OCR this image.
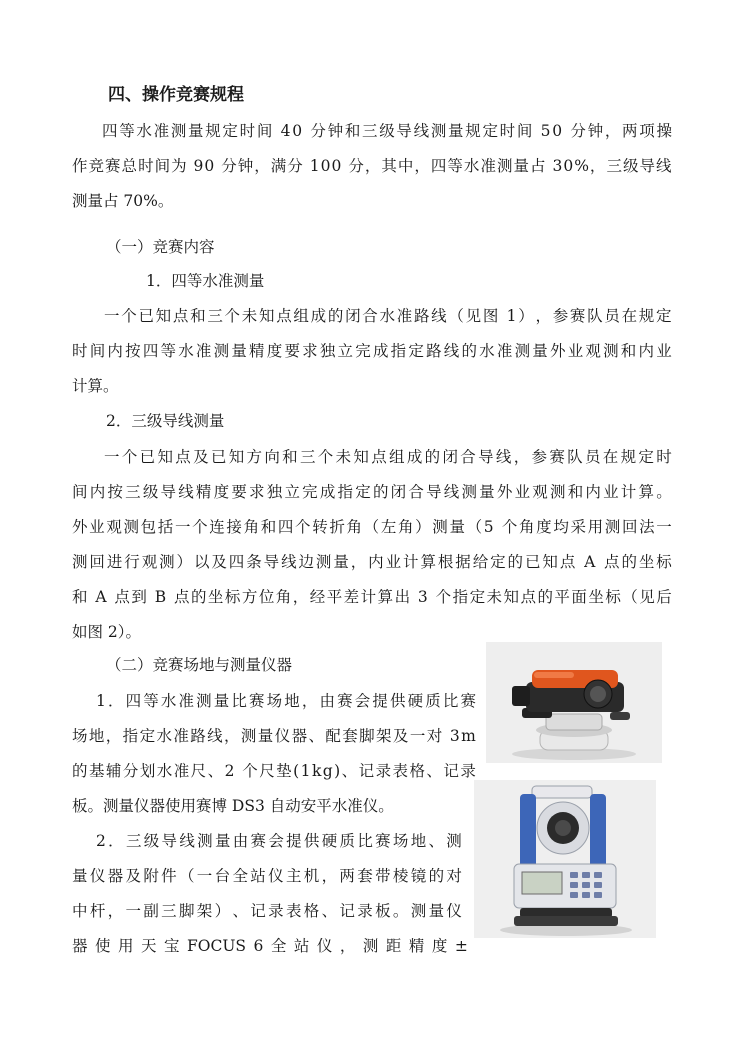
四、操作竞赛规程
四 等 水 准 测 量 规 定 时 间
4 0
分 钟 和 三 级 导 线 测 量 规 定 时 间
5 0
分 钟 ， 两 项 操
作 竞 赛 总 时 间 为
9 0
分 钟 ， 满 分
1 0 0
分 ， 其 中 ， 四 等 水 准 测 量 占
3 0 % ， 三 级 导 线
测量占 70%。
（一）竞赛内容
1．四等水准测量
一 个 已 知 点 和 三 个 未 知 点 组 成 的 闭 合 水 准 路 线 （ 见 图
1 ） ， 参 赛 队 员 在 规 定
时 间 内 按 四 等 水 准 测 量 精 度 要 求 独 立 完 成 指 定 路 线 的 水 准 测 量 外 业 观 测 和 内 业
计算。
2．三级导线测量
一 个 已 知 点 及 已 知 方 向 和 三 个 未 知 点 组 成 的 闭 合 导 线 ， 参 赛 队 员 在 规 定 时
间 内 按 三 级 导 线 精 度 要 求 独 立 完 成 指 定 的 闭 合 导 线 测 量 外 业 观 测 和 内 业 计 算 。
外 业 观 测 包 括 一 个 连 接 角 和 四 个 转 折 角 （ 左 角 ） 测 量 （ 5
个 角 度 均 采 用 测 回 法 一
测 回 进 行 观 测 ） 以 及 四 条 导 线 边 测 量 ， 内 业 计 算 根 据 给 定 的 已 知 点
A
点 的 坐 标
和
A
点 到
B
点 的 坐 标 方 位 角 ， 经 平 差 计 算 出
3
个 指 定 未 知 点 的 平 面 坐 标 （ 见 后
如图 2）。
（二）竞赛场地与测量仪器
1 ． 四 等 水 准 测 量 比 赛 场 地 ， 由 赛 会 提 供 硬 质 比 赛
场 地 ， 指 定 水 准 路 线 ， 测 量 仪 器 、 配 套 脚 架 及 一 对
3 m
的 基 辅 分 划 水 准 尺 、 2
个 尺 垫 ( 1 k g ) 、 记 录 表 格 、 记 录
板。测量仪器使用赛博 DS3 自动安平水准仪。
2 ． 三 级 导 线 测 量 由 赛 会 提 供 硬 质 比 赛 场 地 、 测
量 仪 器 及 附 件 （ 一 台 全 站 仪 主 机 ， 两 套 带 棱 镜 的 对
中 杆 ， 一 副 三 脚 架 ） 、 记 录 表 格 、 记 录 板 。 测 量 仪
器 使 用 天 宝 FOCUS 6 全 站 仪 ， 测 距 精 度 ±
